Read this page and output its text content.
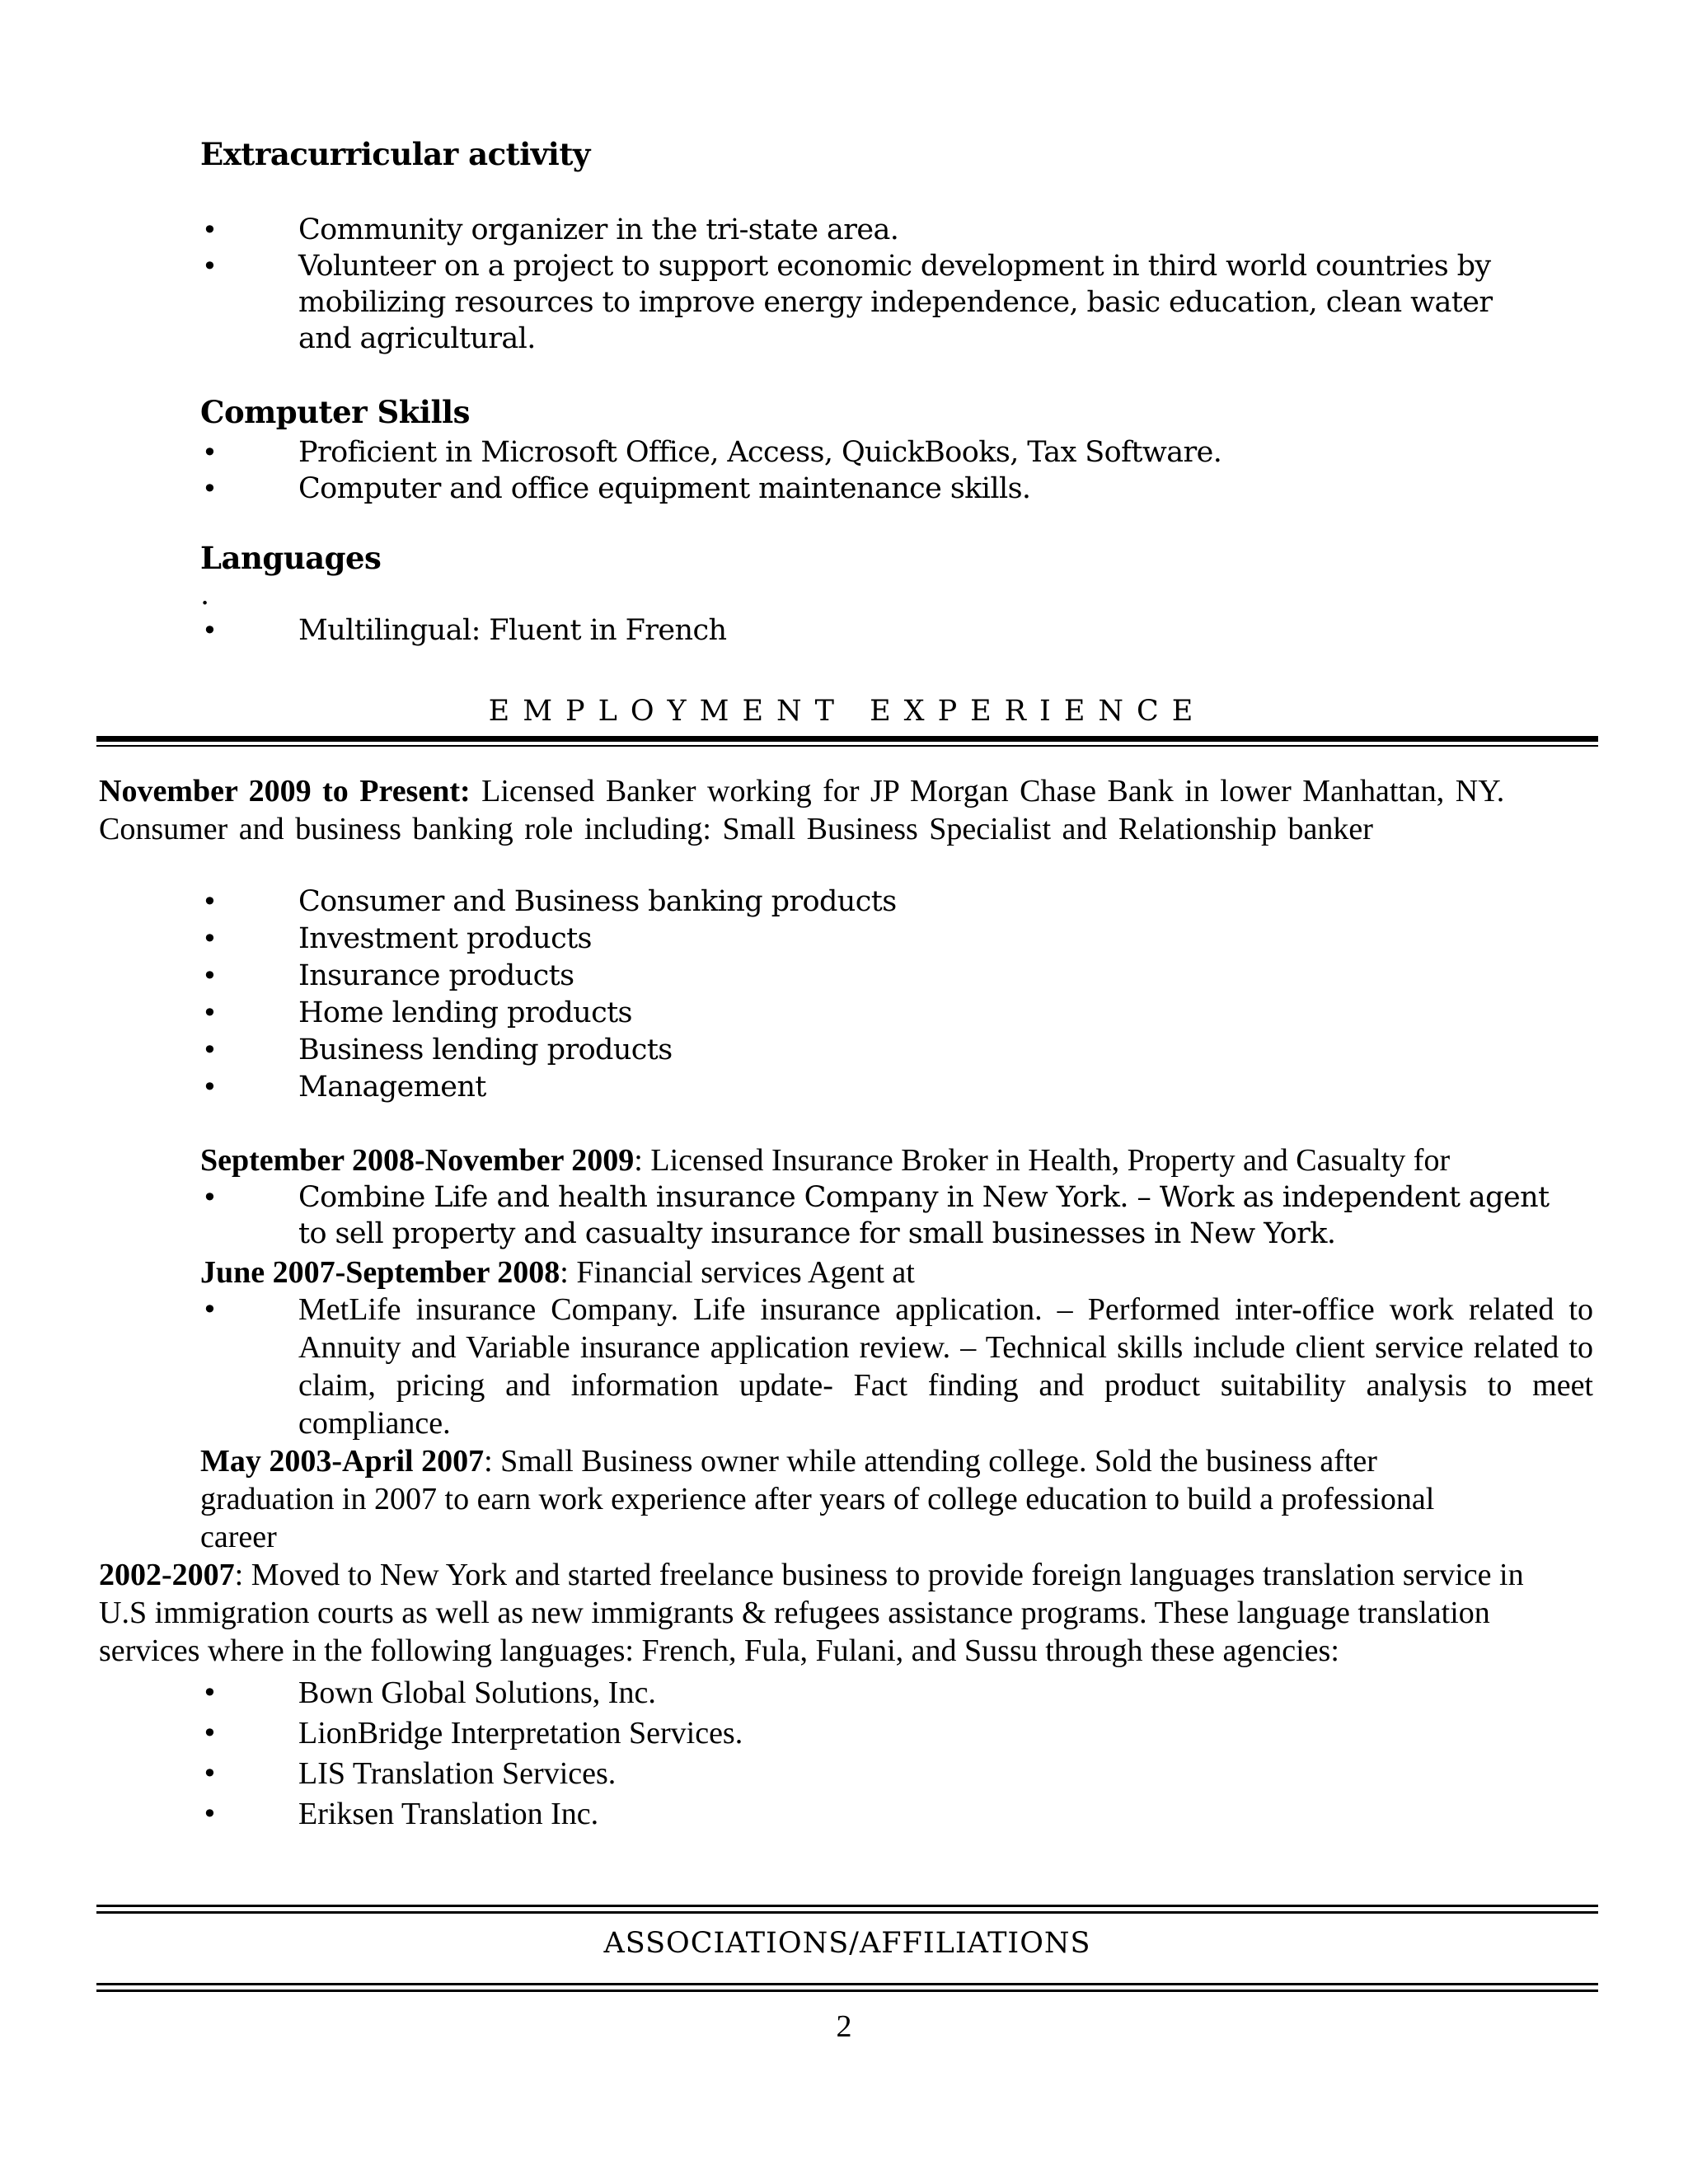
Extracurricular activity
• Community organizer in the tri-state area.
• Volunteer on a project to support economic development in third world countries by mobilizing resources to improve energy independence, basic education, clean water and agricultural.
Computer Skills
• Proficient in Microsoft Office, Access, QuickBooks, Tax Software.
• Computer and office equipment maintenance skills.
Languages
.
• Multilingual: Fluent in French
EMPLOYMENT EXPERIENCE
November 2009 to Present: Licensed Banker working for JP Morgan Chase Bank in lower Manhattan, NY.
Consumer and business banking role including: Small Business Specialist and Relationship banker
• Consumer and Business banking products
• Investment products
• Insurance products
• Home lending products
• Business lending products
• Management
September 2008-November 2009: Licensed Insurance Broker in Health, Property and Casualty for
• Combine Life and health insurance Company in New York. – Work as independent agent to sell property and casualty insurance for small businesses in New York.
June 2007-September 2008: Financial services Agent at
• MetLife insurance Company. Life insurance application. – Performed inter-office work related to Annuity and Variable insurance application review. – Technical skills include client service related to claim, pricing and information update- Fact finding and product suitability analysis to meet compliance.
May 2003-April 2007: Small Business owner while attending college. Sold the business after graduation in 2007 to earn work experience after years of college education to build a professional career
2002-2007: Moved to New York and started freelance business to provide foreign languages translation service in U.S immigration courts as well as new immigrants & refugees assistance programs. These language translation services where in the following languages: French, Fula, Fulani, and Sussu through these agencies:
• Bown Global Solutions, Inc.
• LionBridge Interpretation Services.
• LIS Translation Services.
• Eriksen Translation Inc.
ASSOCIATIONS/AFFILIATIONS
2
